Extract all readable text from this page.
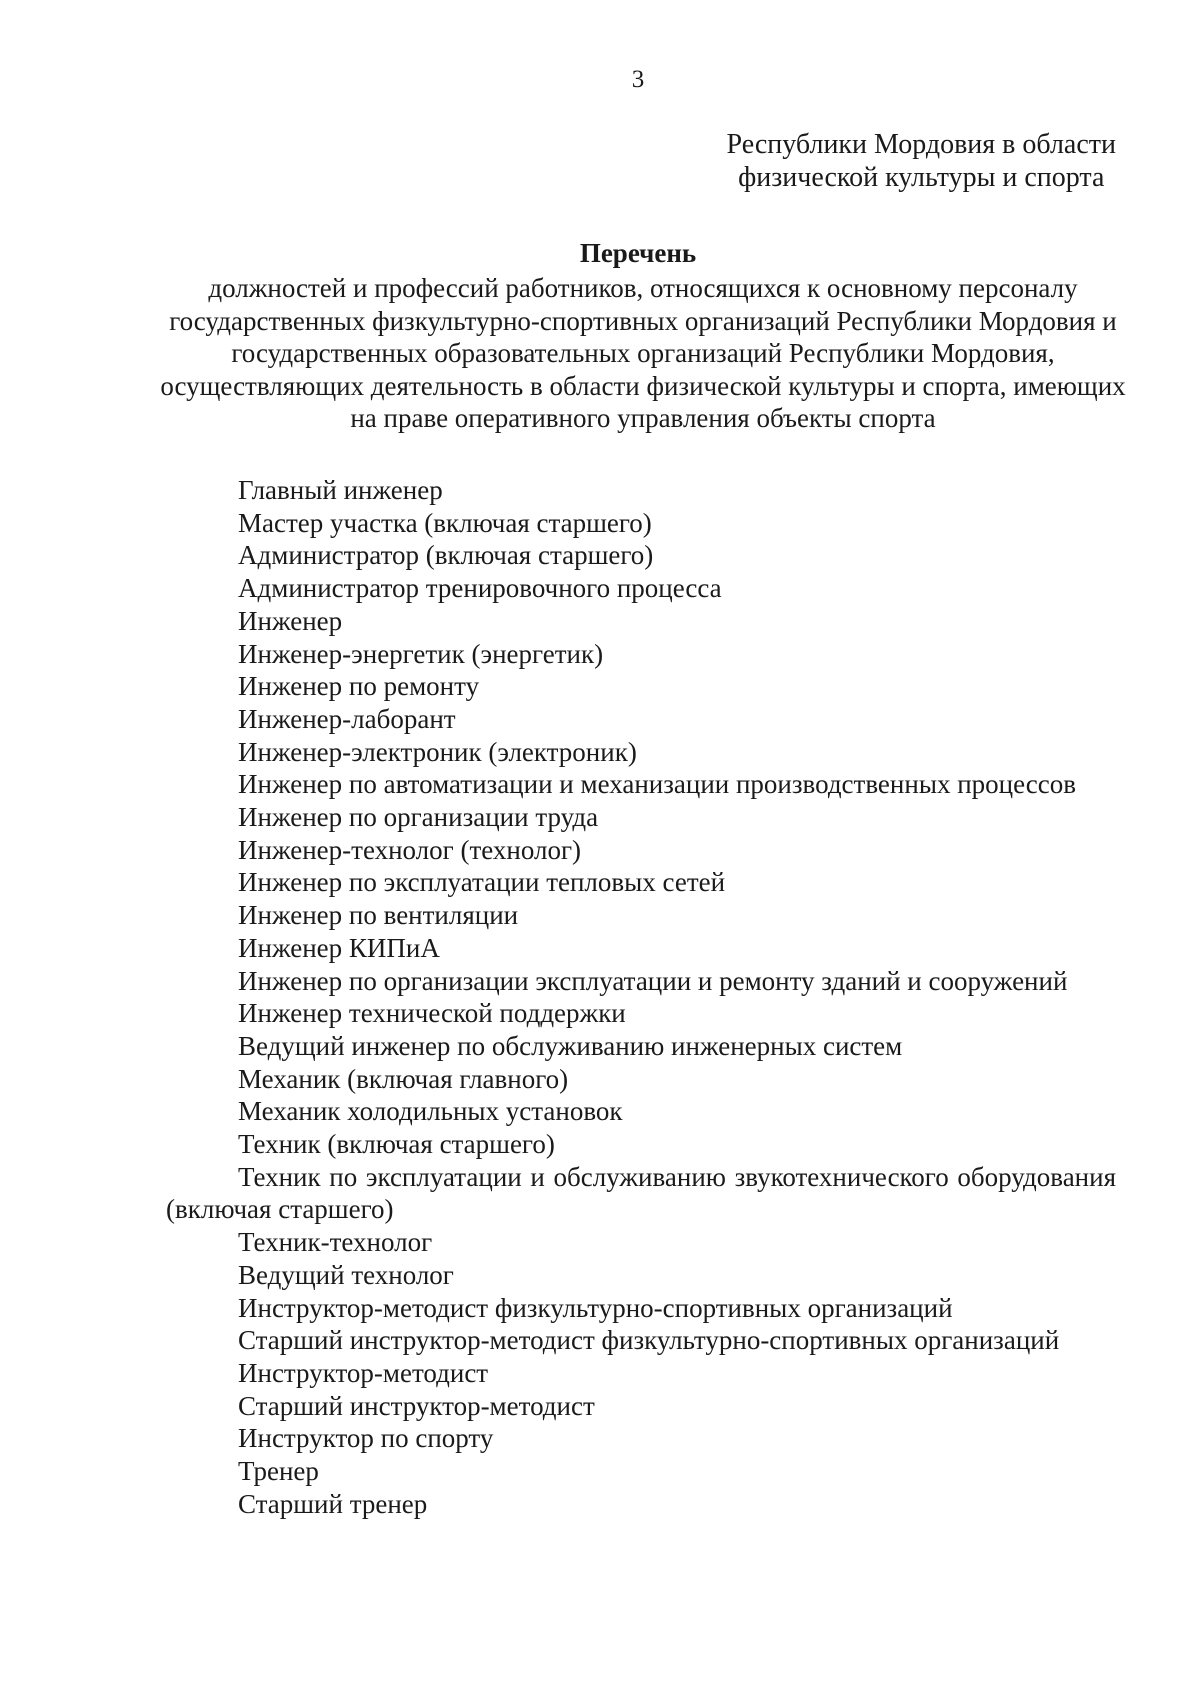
3
Республики Мордовия в области
физической культуры и спорта
Перечень
должностей и профессий работников, относящихся к основному персоналу государственных физкультурно-спортивных организаций Республики Мордовия и государственных образовательных организаций Республики Мордовия, осуществляющих деятельность в области физической культуры и спорта, имеющих на праве оперативного управления объекты спорта
Главный инженер
Мастер участка (включая старшего)
Администратор (включая старшего)
Администратор тренировочного процесса
Инженер
Инженер-энергетик (энергетик)
Инженер по ремонту
Инженер-лаборант
Инженер-электроник (электроник)
Инженер по автоматизации и механизации производственных процессов
Инженер по организации труда
Инженер-технолог (технолог)
Инженер по эксплуатации тепловых сетей
Инженер по вентиляции
Инженер КИПиА
Инженер по организации эксплуатации и ремонту зданий и сооружений
Инженер технической поддержки
Ведущий инженер по обслуживанию инженерных систем
Механик (включая главного)
Механик холодильных установок
Техник (включая старшего)
Техник по эксплуатации и обслуживанию звукотехнического оборудования (включая старшего)
Техник-технолог
Ведущий технолог
Инструктор-методист физкультурно-спортивных организаций
Старший инструктор-методист физкультурно-спортивных организаций
Инструктор-методист
Старший инструктор-методист
Инструктор по спорту
Тренер
Старший тренер
